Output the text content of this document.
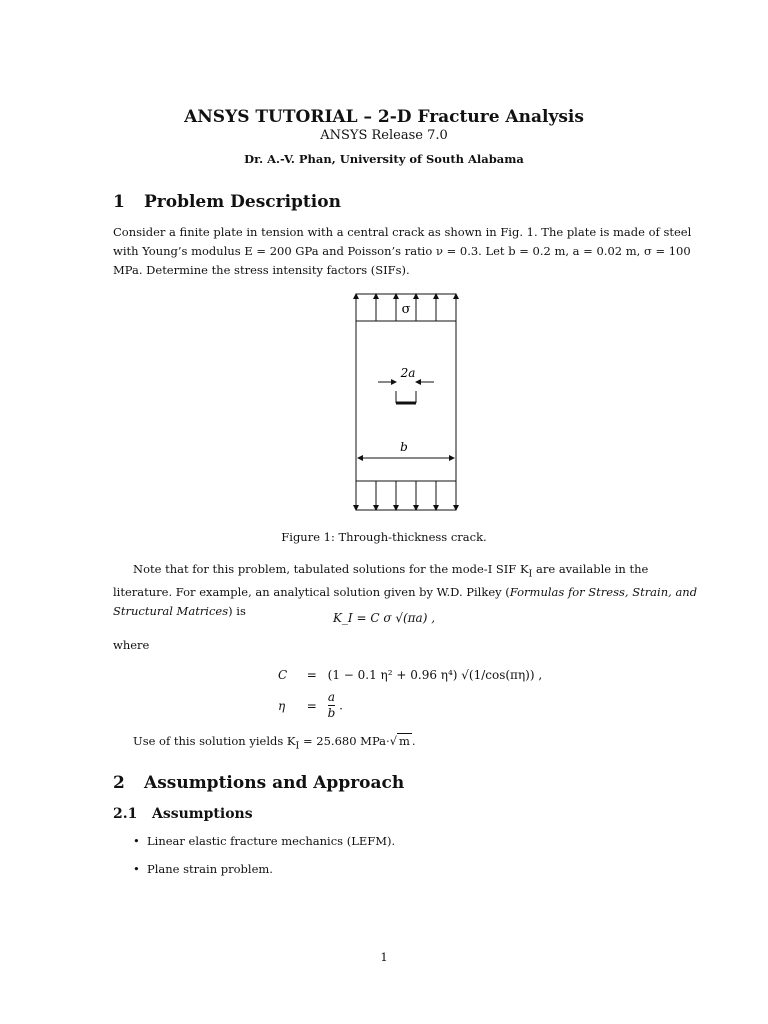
ANSYS TUTORIAL – 2-D Fracture Analysis
ANSYS Release 7.0
Dr. A.-V. Phan, University of South Alabama
1 Problem Description

Consider a finite plate in tension with a central crack as shown in Fig. 1. The plate is made of steel with Young’s modulus E = 200 GPa and Poisson’s ratio ν = 0.3. Let b = 0.2 m, a = 0.02 m, σ = 100 MPa. Determine the stress intensity factors (SIFs).

σ
2a
b
Figure 1: Through-thickness crack.

Note that for this problem, tabulated solutions for the mode-I SIF $K_I$ are available in the literature. For example, an analytical solution given by W.D. Pilkey (Formulas for Stress, Strain, and Structural Matrices) is	K_I = C σ √(πa) ,
where
C = (1 − 0.1 η² + 0.96 η⁴) √(1/cos(πη)) ,
$\eta = \frac{a}{b}$ .
Use of this solution yields $K_I = 25.680$ MPa·√ m .
2 Assumptions and Approach
2.1 Assumptions
• Linear elastic fracture mechanics (LEFM).
• Plane strain problem.
1
